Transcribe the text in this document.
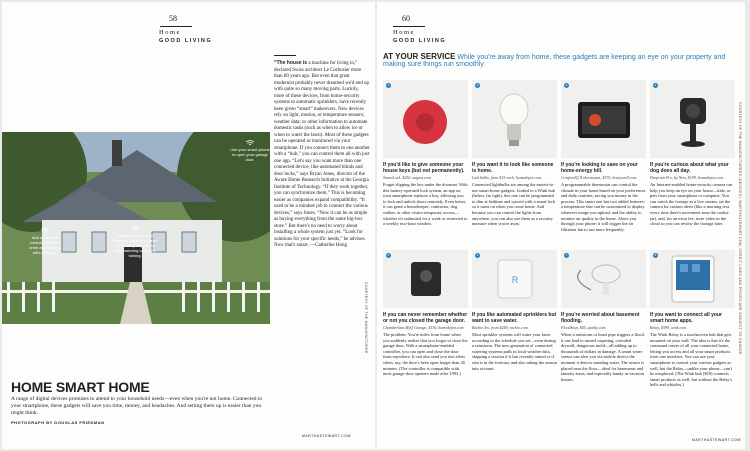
58
Home
GOOD LIVING
Use your smart-phone to open your garage door.
Add a lock that controls who can enter and when—with-out keys.
Install a system that knows to water your lawn on a sunny day and to skip watering when it's raining.
HOME SMART HOME
A range of digital devices promises to attend to your household needs—even when you're not home. Connected to your smartphone, these gadgets will save you time, money, and headaches. And setting them up is easier than you might think.
PHOTOGRAPH BY DOUGLAS FRIEDMAN
“The house is a machine for living in,” declared Swiss architect Le Corbusier more than 80 years ago. But even that great modernist probably never dreamed we'd end up with quite so many moving parts. Luckily, more of these devices, from home-security systems to automatic sprinklers, have recently been given “smart” makeovers. New devices rely on light, motion, or temperature sensors; weather data; or other information to automate domestic tasks (such as when to allow ice or when to water the lawn). Most of these gadgets can be operated or monitored via your smartphone. If you connect them to one another with a “hub,” you can control them all with just one app. “Let's say you want more than one connected device, like automated blinds and door locks,” says Bryan Jones, director of the Aware Home Research Initiative at the Georgia Institute of Technology. “If they work together, you can synchronize them.” This is becoming easier as companies expand compatibility. “It used to be a mindset job to connect the various devices,” says Jones. “Now it can be as simple as buying everything from the same big-box store.” But there's no need to worry about installing a whole system just yet. “Look for solutions for your specific needs,” he advises. Now that's smart. —Catherine Hong
MARTHASTEWART.COM
COURTESY OF THE MANUFACTURER
60
Home
GOOD LIVING
AT YOUR SERVICE While you're away from home, these gadgets are keeping an eye on your property and making sure things run smoothly.
1
If you'd like to give someone your house keys (but not permanently).
SmartLock, $250, august.com.
Forget slipping the key under the doormat. With this battery-operated lock system, an app on your smartphone replaces a key, allowing you to lock and unlock doors remotely. Even better, it can grant a housekeeper, contractor, dog walker, or other visitor temporary access—whether it's unlimited for a week or restricted to a weekly two-hour window.
2
If you want it to look like someone is home.
Link bulbs, from $15 each, homedepot.com.
Connected lightbulbs are among the easiest-to-use smart-home gadgets. Linked to a Wink hub (below, far right), this one can be programmed to dim at bedtime and synced with a smart lock so it turns on when you come home. And because you can control the lights from anywhere, you can also use them as a security measure when you're away.
3
If you're looking to save on your home-energy bill.
ComfortIQ II thermostat, $370, honeywell.com.
A programmable thermostat can control the climate in your home based on your preferences and daily routines, saving you money in the process. This smart one has two added features: a temperature that can be customized to display whatever image you upload, and the ability to monitor air quality in the home. Alerts you through your phone; it will trigger the air filtration fan to run more frequently.
4
If you're curious about what your dog does all day.
Dropcam Pro, by Nest, $199, homedepot.com.
An Internet-enabled home-security camera can help you keep an eye on your house—kids, or pets from your smartphone or computer. You can watch the footage as a live stream, set the camera for custom alerts (like a morning text every time there's movement near the cookie jar), and, for an extra fee, store video in the cloud so you can review the footage later.
5
If you can never remember whether or not you closed the garage door.
Chamberlain MyQ Garage, $130, homedepot.com.
The problem: You're miles from home when you suddenly realize that you forgot to close the garage door. With a smartphone-enabled controller, you can open and close the door from anywhere. It can also send you text alerts when, say, the door's been open longer than 45 minutes. (The controller is compatible with most garage-door openers made after 1993.)
R
6
If you like automated sprinklers but want to save water.
Rachio Iro, from $249, rachio.com.
Most sprinkler systems will water your lawn according to the schedule you set—even during a rainstorm. The new generation of connected watering systems pulls in local weather data, skipping a session if it has recently rained or if rain is in the forecast, and also taking the season into account.
7
If you're worried about basement flooding.
FloodStop, $45, quirky.com.
When a rainstorm or burst pipe triggers a flood, it can lead to ruined carpeting, corroded drywall, dangerous mold—all adding up to thousands of dollars in damage. A smart water sensor can alert you via mobile device the moment it detects standing water. The sensor is placed near the floor—ideal for basements and laundry areas, and especially handy in vacation homes.
8
If you want to connect all your smart home apps.
Relay, $399, wink.com.
The Wink Relay is a touchscreen hub that gets mounted on your wall. The idea is that it's the command center of all your connected home, letting you access and all your smart products from one interface. You can use your smartphone to control your various gadgets as well, but the Relay—unlike your phone—can't be misplaced. (The Wink hub [$50] connects smart products as well, but without the Relay's bells and whistles.)
MARTHASTEWART.COM
COURTESY OF THE MANUFACTURERS (DEVICES); MARTHASTEWART.COM; CREDIT LINES AND PRICES ARE SUBJECT TO CHANGE
